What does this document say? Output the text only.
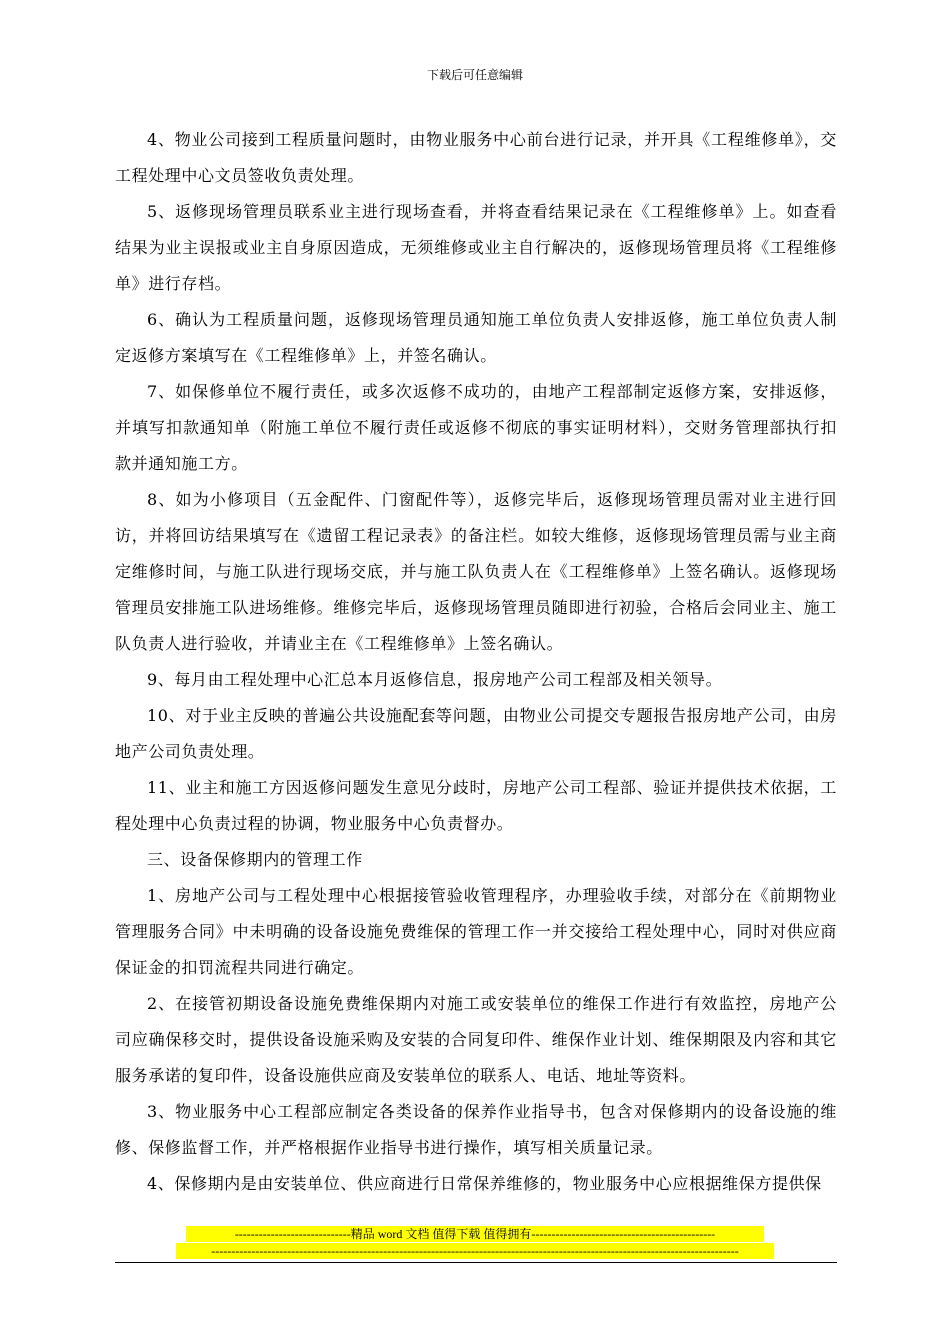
下载后可任意编辑

4、物业公司接到工程质量问题时，由物业服务中心前台进行记录，并开具《工程维修单》，交工程处理中心文员签收负责处理。

5、返修现场管理员联系业主进行现场查看，并将查看结果记录在《工程维修单》上。如查看结果为业主误报或业主自身原因造成，无须维修或业主自行解决的，返修现场管理员将《工程维修单》进行存档。

6、确认为工程质量问题，返修现场管理员通知施工单位负责人安排返修，施工单位负责人制定返修方案填写在《工程维修单》上，并签名确认。

7、如保修单位不履行责任，或多次返修不成功的，由地产工程部制定返修方案，安排返修，并填写扣款通知单（附施工单位不履行责任或返修不彻底的事实证明材料），交财务管理部执行扣款并通知施工方。

8、如为小修项目（五金配件、门窗配件等），返修完毕后，返修现场管理员需对业主进行回访，并将回访结果填写在《遗留工程记录表》的备注栏。如较大维修，返修现场管理员需与业主商定维修时间，与施工队进行现场交底，并与施工队负责人在《工程维修单》上签名确认。返修现场管理员安排施工队进场维修。维修完毕后，返修现场管理员随即进行初验，合格后会同业主、施工队负责人进行验收，并请业主在《工程维修单》上签名确认。

9、每月由工程处理中心汇总本月返修信息，报房地产公司工程部及相关领导。

10、对于业主反映的普遍公共设施配套等问题，由物业公司提交专题报告报房地产公司，由房地产公司负责处理。

11、业主和施工方因返修问题发生意见分歧时，房地产公司工程部、验证并提供技术依据，工程处理中心负责过程的协调，物业服务中心负责督办。

三、设备保修期内的管理工作

1、房地产公司与工程处理中心根据接管验收管理程序，办理验收手续，对部分在《前期物业管理服务合同》中未明确的设备设施免费维保的管理工作一并交接给工程处理中心，同时对供应商保证金的扣罚流程共同进行确定。

2、在接管初期设备设施免费维保期内对施工或安装单位的维保工作进行有效监控，房地产公司应确保移交时，提供设备设施采购及安装的合同复印件、维保作业计划、维保期限及内容和其它服务承诺的复印件，设备设施供应商及安装单位的联系人、电话、地址等资料。

3、物业服务中心工程部应制定各类设备的保养作业指导书，包含对保修期内的设备设施的维修、保修监督工作，并严格根据作业指导书进行操作，填写相关质量记录。

4、保修期内是由安装单位、供应商进行日常保养维修的，物业服务中心应根据维保方提供保

-----------------------------精品 word 文档 值得下载 值得拥有----------------------------------------------
------------------------------------------------------------------------------------------------------------------------------------
